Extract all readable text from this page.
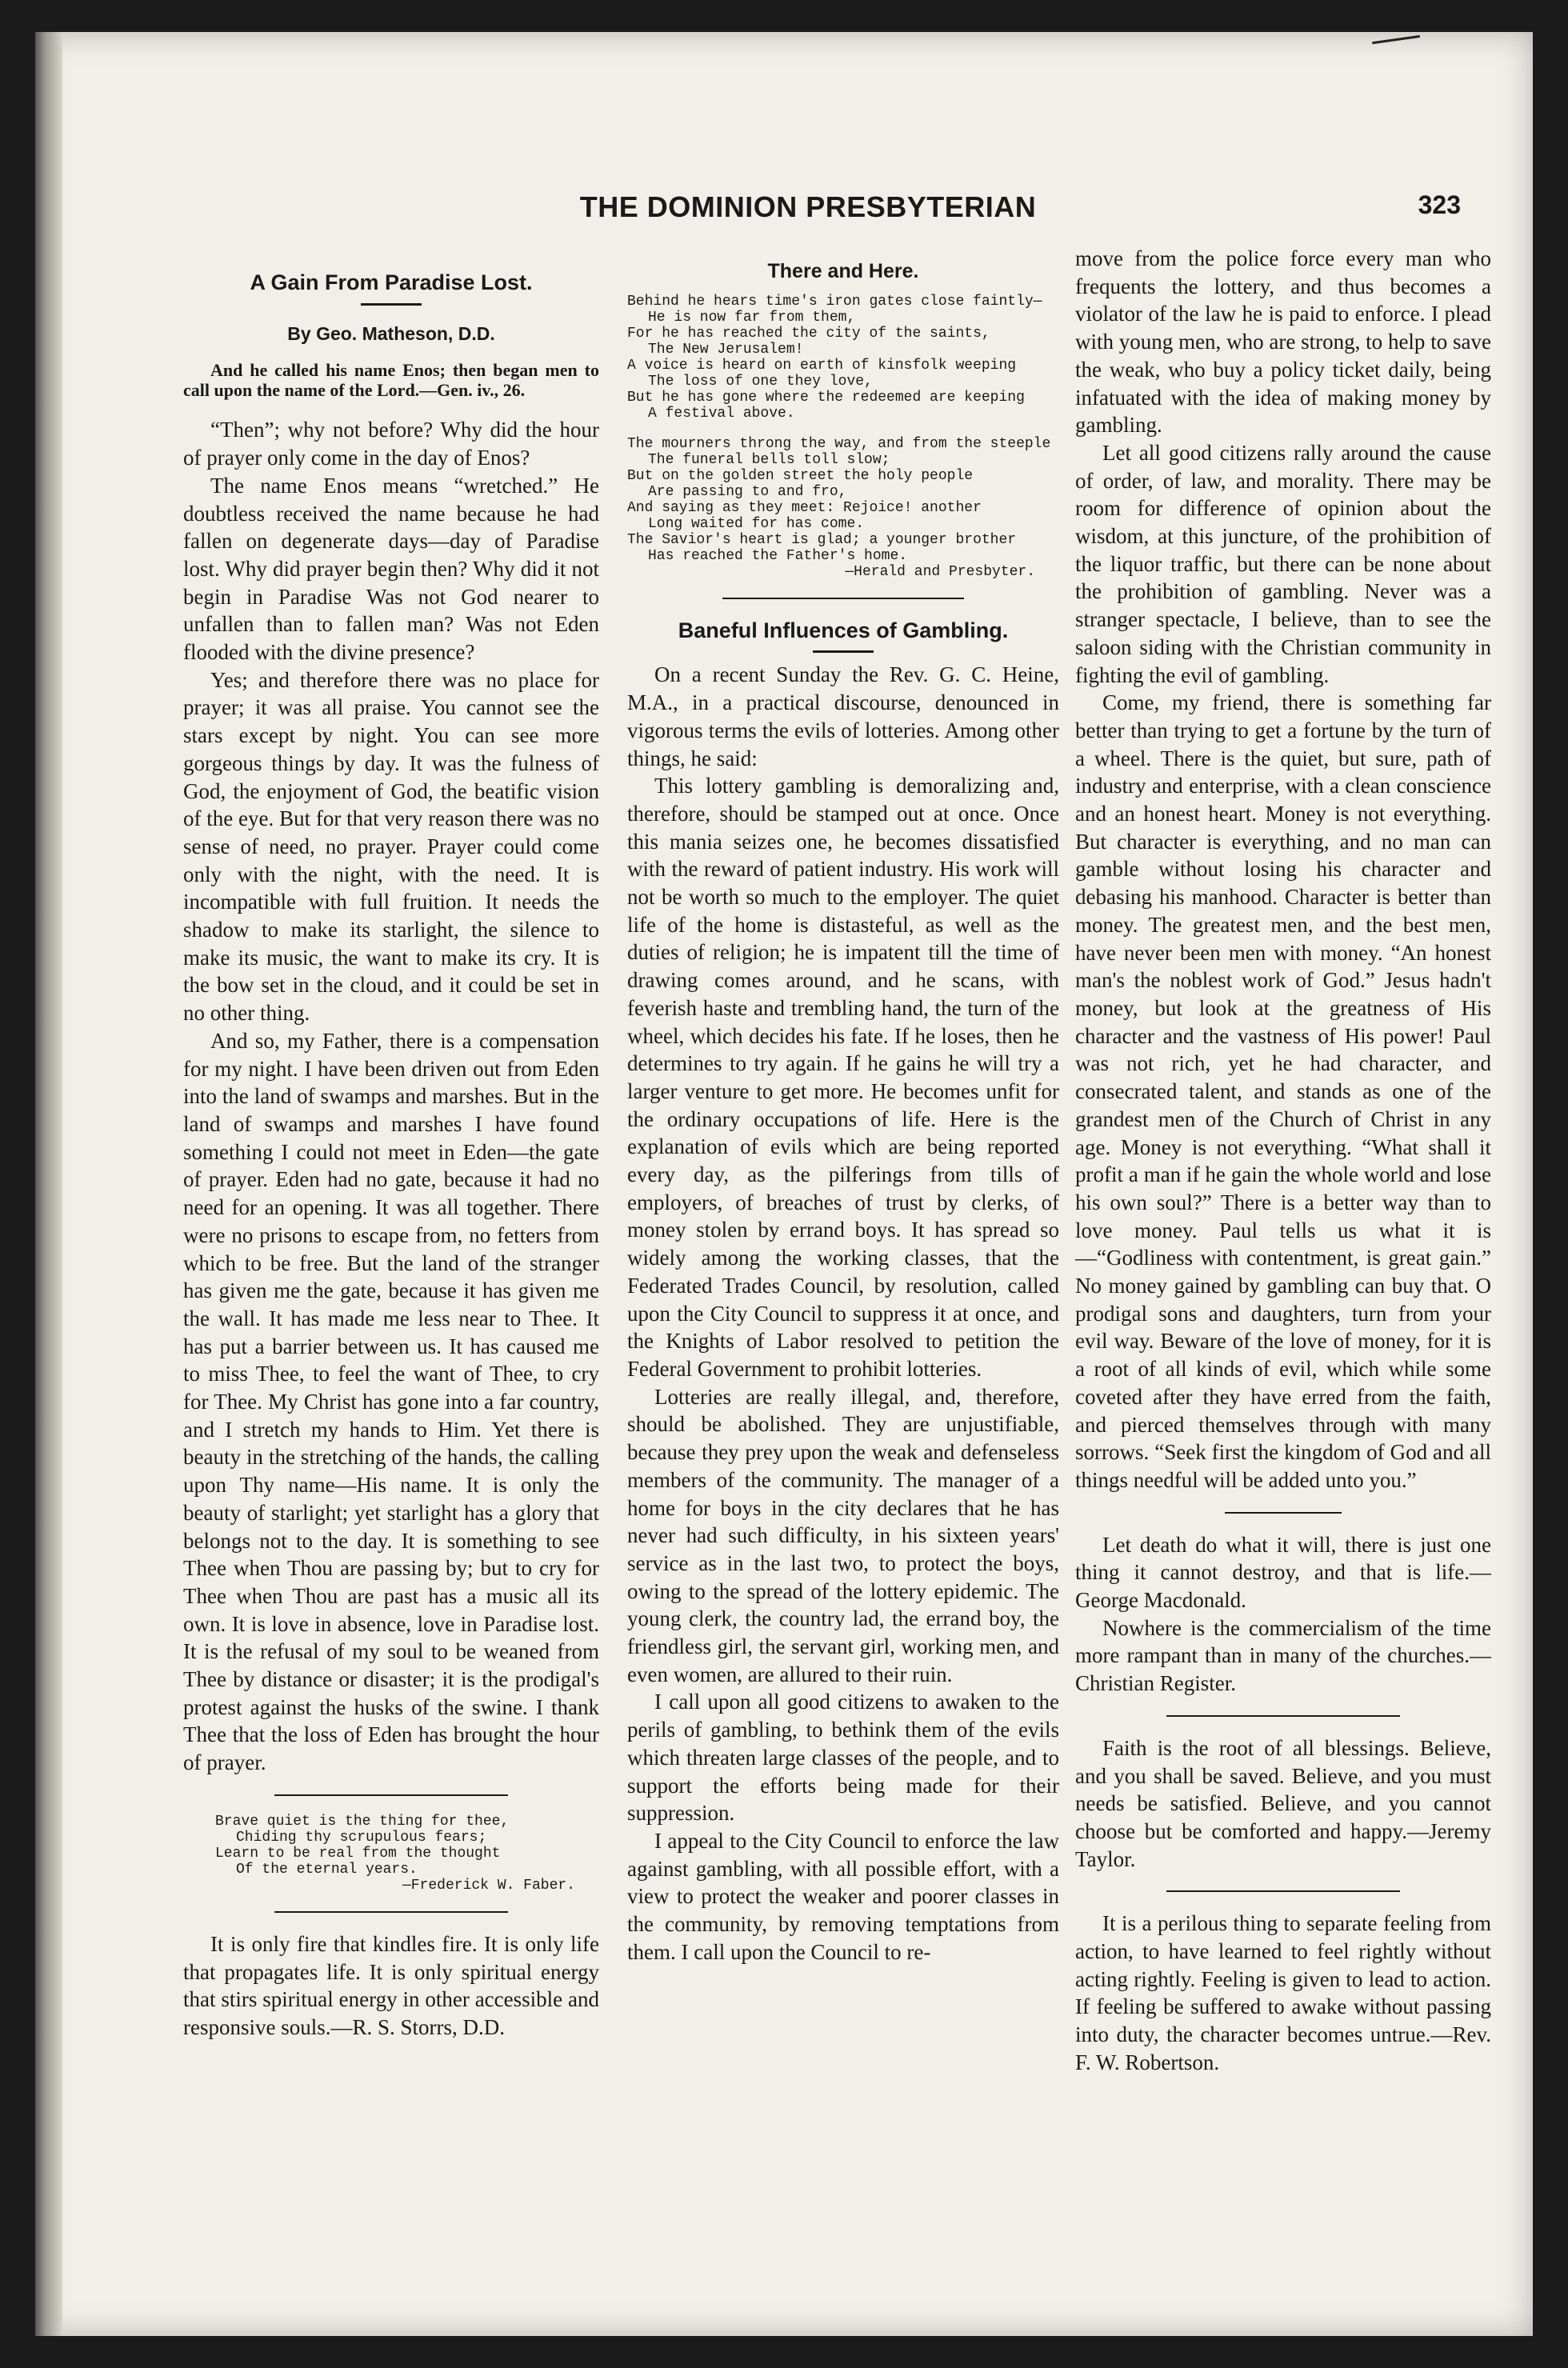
THE DOMINION PRESBYTERIAN	323
A Gain From Paradise Lost.
By Geo. Matheson, D.D.

And he called his name Enos; then began men to call upon the name of the Lord.—Gen. iv., 26.

“Then”; why not before? Why did the hour of prayer only come in the day of Enos?

The name Enos means “wretched.” He doubtless received the name because he had fallen on degenerate days—day of Paradise lost. Why did prayer begin then? Why did it not begin in Paradise Was not God nearer to unfallen than to fallen man? Was not Eden flooded with the divine presence?

Yes; and therefore there was no place for prayer; it was all praise. You cannot see the stars except by night. You can see more gorgeous things by day. It was the fulness of God, the enjoyment of God, the beatific vision of the eye. But for that very reason there was no sense of need, no prayer. Prayer could come only with the night, with the need. It is incompatible with full fruition. It needs the shadow to make its starlight, the silence to make its music, the want to make its cry. It is the bow set in the cloud, and it could be set in no other thing.

And so, my Father, there is a compensation for my night. I have been driven out from Eden into the land of swamps and marshes. But in the land of swamps and marshes I have found something I could not meet in Eden—the gate of prayer. Eden had no gate, because it had no need for an opening. It was all together. There were no prisons to escape from, no fetters from which to be free. But the land of the stranger has given me the gate, because it has given me the wall. It has made me less near to Thee. It has put a barrier between us. It has caused me to miss Thee, to feel the want of Thee, to cry for Thee. My Christ has gone into a far country, and I stretch my hands to Him. Yet there is beauty in the stretching of the hands, the calling upon Thy name—His name. It is only the beauty of starlight; yet starlight has a glory that belongs not to the day. It is something to see Thee when Thou are passing by; but to cry for Thee when Thou are past has a music all its own. It is love in absence, love in Paradise lost. It is the refusal of my soul to be weaned from Thee by distance or disaster; it is the prodigal's protest against the husks of the swine. I thank Thee that the loss of Eden has brought the hour of prayer.

Brave quiet is the thing for thee,
Chiding thy scrupulous fears;
Learn to be real from the thought
Of the eternal years.
—Frederick W. Faber.

It is only fire that kindles fire. It is only life that propagates life. It is only spiritual energy that stirs spiritual energy in other accessible and responsive souls.—R. S. Storrs, D.D.

There and Here.
Behind he hears time's iron gates close faintly—
He is now far from them,
For he has reached the city of the saints,
The New Jerusalem!
A voice is heard on earth of kinsfolk weeping
The loss of one they love,
But he has gone where the redeemed are keeping
A festival above.
The mourners throng the way, and from the steeple
The funeral bells toll slow;
But on the golden street the holy people
Are passing to and fro,
And saying as they meet: Rejoice! another
Long waited for has come.
The Savior's heart is glad; a younger brother
Has reached the Father's home.
—Herald and Presbyter.
Baneful Influences of Gambling.

On a recent Sunday the Rev. G. C. Heine, M.A., in a practical discourse, denounced in vigorous terms the evils of lotteries. Among other things, he said:

This lottery gambling is demoralizing and, therefore, should be stamped out at once. Once this mania seizes one, he becomes dissatisfied with the reward of patient industry. His work will not be worth so much to the employer. The quiet life of the home is distasteful, as well as the duties of religion; he is impatent till the time of drawing comes around, and he scans, with feverish haste and trembling hand, the turn of the wheel, which decides his fate. If he loses, then he determines to try again. If he gains he will try a larger venture to get more. He becomes unfit for the ordinary occupations of life. Here is the explanation of evils which are being reported every day, as the pilferings from tills of employers, of breaches of trust by clerks, of money stolen by errand boys. It has spread so widely among the working classes, that the Federated Trades Council, by resolution, called upon the City Council to suppress it at once, and the Knights of Labor resolved to petition the Federal Government to prohibit lotteries.

Lotteries are really illegal, and, therefore, should be abolished. They are unjustifiable, because they prey upon the weak and defenseless members of the community. The manager of a home for boys in the city declares that he has never had such difficulty, in his sixteen years' service as in the last two, to protect the boys, owing to the spread of the lottery epidemic. The young clerk, the country lad, the errand boy, the friendless girl, the servant girl, working men, and even women, are allured to their ruin.

I call upon all good citizens to awaken to the perils of gambling, to bethink them of the evils which threaten large classes of the people, and to support the efforts being made for their suppression.

I appeal to the City Council to enforce the law against gambling, with all possible effort, with a view to protect the weaker and poorer classes in the community, by removing temptations from them. I call upon the Council to re-

move from the police force every man who frequents the lottery, and thus becomes a violator of the law he is paid to enforce. I plead with young men, who are strong, to help to save the weak, who buy a policy ticket daily, being infatuated with the idea of making money by gambling.

Let all good citizens rally around the cause of order, of law, and morality. There may be room for difference of opinion about the wisdom, at this juncture, of the prohibition of the liquor traffic, but there can be none about the prohibition of gambling. Never was a stranger spectacle, I believe, than to see the saloon siding with the Christian community in fighting the evil of gambling.

Come, my friend, there is something far better than trying to get a fortune by the turn of a wheel. There is the quiet, but sure, path of industry and enterprise, with a clean conscience and an honest heart. Money is not everything. But character is everything, and no man can gamble without losing his character and debasing his manhood. Character is better than money. The greatest men, and the best men, have never been men with money. “An honest man's the noblest work of God.” Jesus hadn't money, but look at the greatness of His character and the vastness of His power! Paul was not rich, yet he had character, and consecrated talent, and stands as one of the grandest men of the Church of Christ in any age. Money is not everything. “What shall it profit a man if he gain the whole world and lose his own soul?” There is a better way than to love money. Paul tells us what it is —“Godliness with contentment, is great gain.” No money gained by gambling can buy that. O prodigal sons and daughters, turn from your evil way. Beware of the love of money, for it is a root of all kinds of evil, which while some coveted after they have erred from the faith, and pierced themselves through with many sorrows. “Seek first the kingdom of God and all things needful will be added unto you.”

Let death do what it will, there is just one thing it cannot destroy, and that is life.—George Macdonald.

Nowhere is the commercialism of the time more rampant than in many of the churches.—Christian Register.

Faith is the root of all blessings. Believe, and you shall be saved. Believe, and you must needs be satisfied. Believe, and you cannot choose but be comforted and happy.—Jeremy Taylor.

It is a perilous thing to separate feeling from action, to have learned to feel rightly without acting rightly. Feeling is given to lead to action. If feeling be suffered to awake without passing into duty, the character becomes untrue.—Rev. F. W. Robertson.
